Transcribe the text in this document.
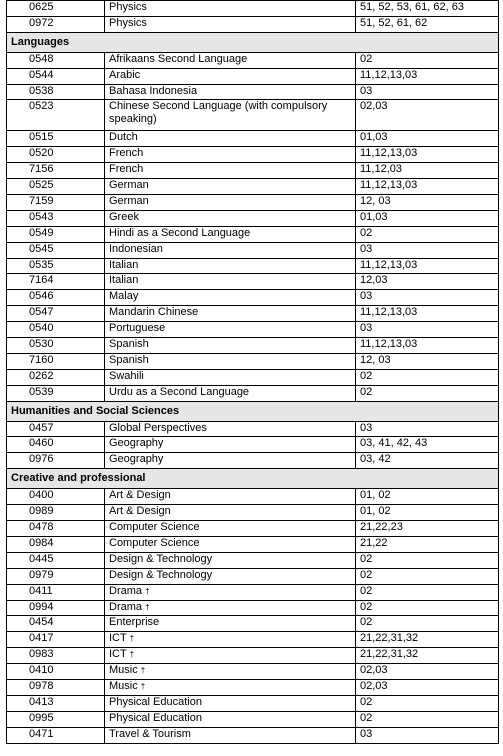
0625	Physics	51, 52, 53, 61, 62, 63
0972	Physics	51, 52, 61, 62
Languages		
0548	Afrikaans Second Language	02
0544	Arabic	11,12,13,03
0538	Bahasa Indonesia	03
0523	Chinese Second Language (with compulsory speaking)	02,03
0515	Dutch	01,03
0520	French	11,12,13,03
7156	French	11,12,03
0525	German	11,12,13,03
7159	German	12, 03
0543	Greek	01,03
0549	Hindi as a Second Language	02
0545	Indonesian	03
0535	Italian	11,12,13,03
7164	Italian	12,03
0546	Malay	03
0547	Mandarin Chinese	11,12,13,03
0540	Portuguese	03
0530	Spanish	11,12,13,03
7160	Spanish	12, 03
0262	Swahili	02
0539	Urdu as a Second Language	02
Humanities and Social Sciences		
0457	Global Perspectives	03
0460	Geography	03, 41, 42, 43
0976	Geography	03, 42
Creative and professional		
0400	Art & Design	01, 02
0989	Art & Design	01, 02
0478	Computer Science	21,22,23
0984	Computer Science	21,22
0445	Design & Technology	02
0979	Design & Technology	02
0411	Drama †	02
0994	Drama †	02
0454	Enterprise	02
0417	ICT †	21,22,31,32
0983	ICT †	21,22,31,32
0410	Music †	02,03
0978	Music †	02,03
0413	Physical Education	02
0995	Physical Education	02
0471	Travel & Tourism	03
